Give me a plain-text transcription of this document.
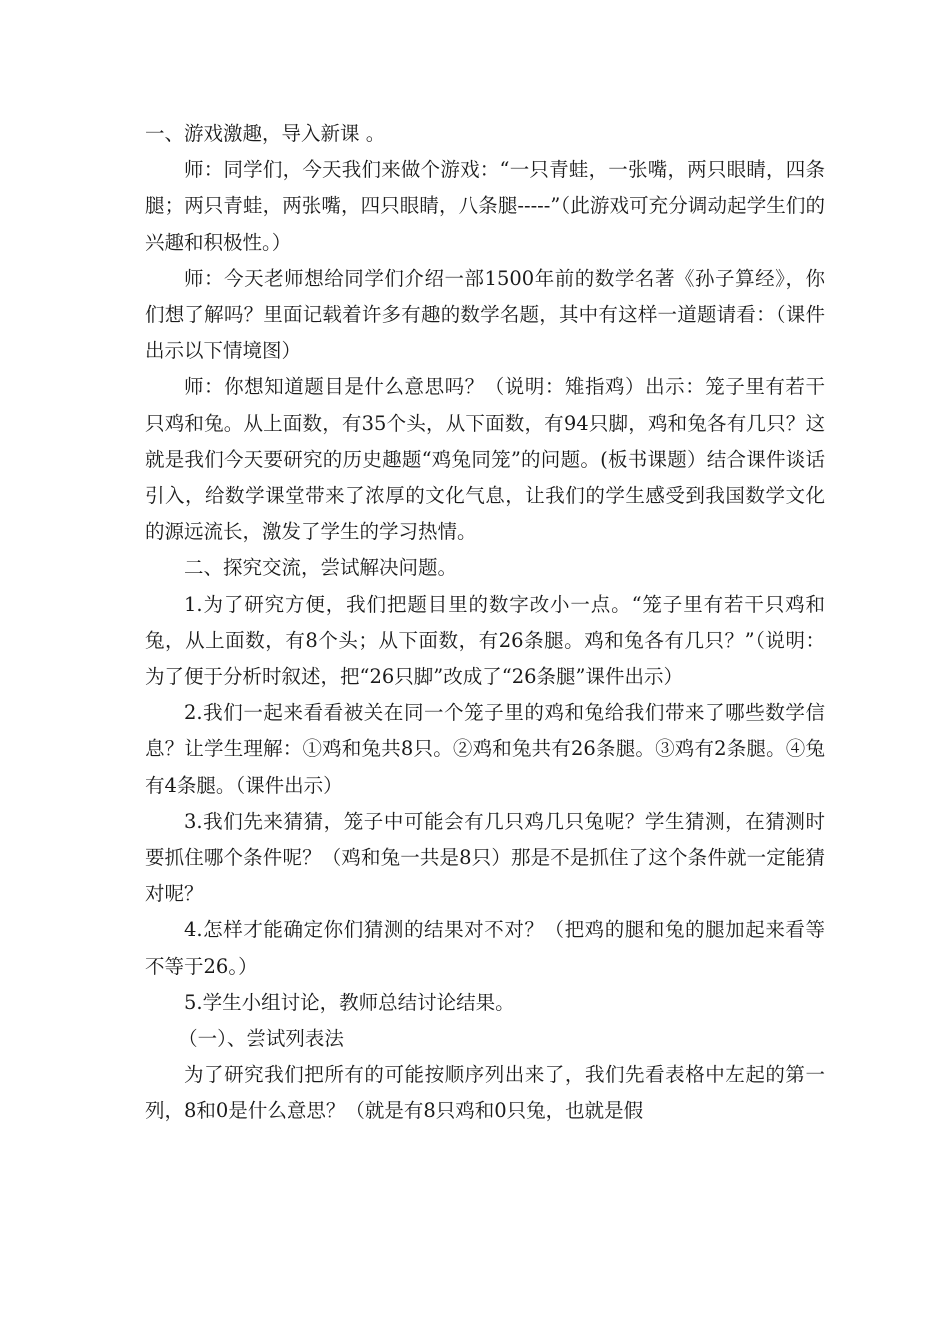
一、游戏激趣，导入新课 。

师：同学们，今天我们来做个游戏：“一只青蛙，一张嘴，两只眼睛，四条腿；两只青蛙，两张嘴，四只眼睛，八条腿-----”（此游戏可充分调动起学生们的兴趣和积极性。）

师：今天老师想给同学们介绍一部1500年前的数学名著《孙子算经》，你们想了解吗？里面记载着许多有趣的数学名题，其中有这样一道题请看：（课件出示以下情境图）

师：你想知道题目是什么意思吗？（说明：雉指鸡）出示：笼子里有若干只鸡和兔。从上面数，有35个头，从下面数，有94只脚，鸡和兔各有几只？这就是我们今天要研究的历史趣题“鸡兔同笼”的问题。(板书课题）结合课件谈话引入，给数学课堂带来了浓厚的文化气息，让我们的学生感受到我国数学文化的源远流长，激发了学生的学习热情。

二、探究交流，尝试解决问题。

1.为了研究方便，我们把题目里的数字改小一点。“笼子里有若干只鸡和兔，从上面数，有8个头；从下面数，有26条腿。鸡和兔各有几只？”（说明：为了便于分析时叙述，把“26只脚”改成了“26条腿”课件出示）

2.我们一起来看看被关在同一个笼子里的鸡和兔给我们带来了哪些数学信息？让学生理解：①鸡和兔共8只。②鸡和兔共有26条腿。③鸡有2条腿。④兔有4条腿。（课件出示）

3.我们先来猜猜，笼子中可能会有几只鸡几只兔呢？学生猜测，在猜测时要抓住哪个条件呢？（鸡和兔一共是8只）那是不是抓住了这个条件就一定能猜对呢？

4.怎样才能确定你们猜测的结果对不对？（把鸡的腿和兔的腿加起来看等不等于26。）

5.学生小组讨论，教师总结讨论结果。

（一）、尝试列表法

为了研究我们把所有的可能按顺序列出来了，我们先看表格中左起的第一列，8和0是什么意思？（就是有8只鸡和0只兔，也就是假
